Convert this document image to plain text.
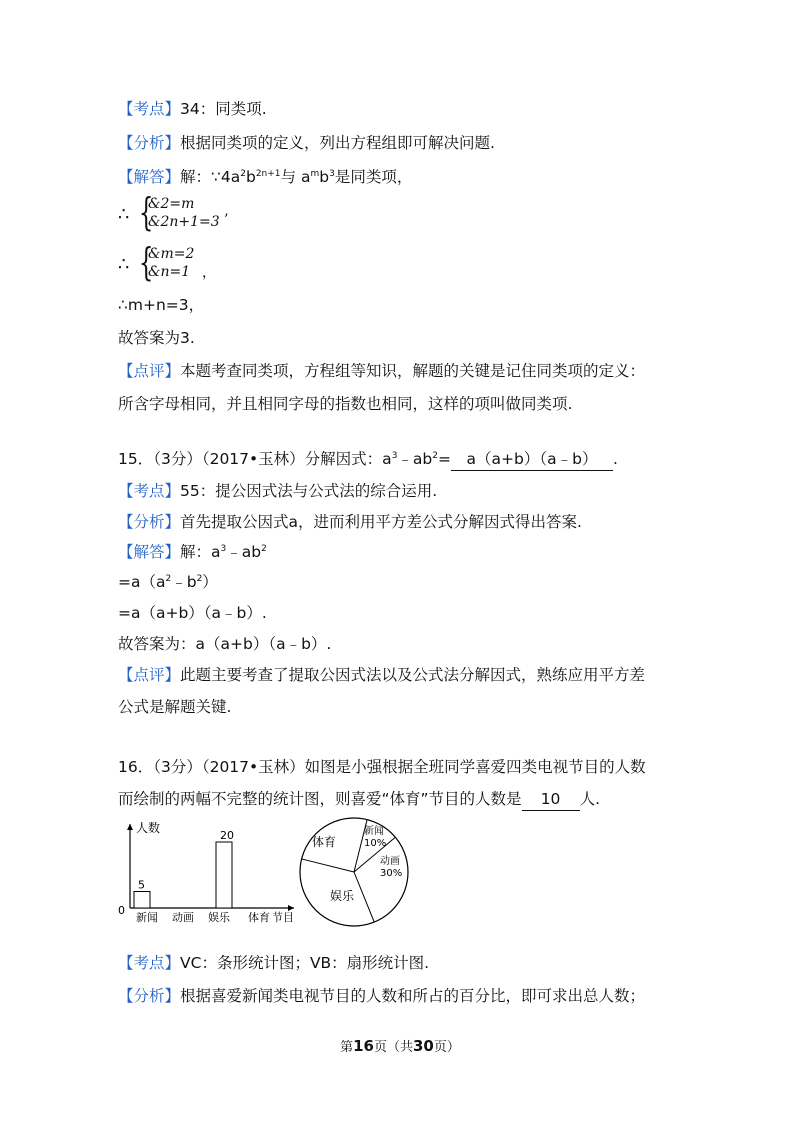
【考点】34：同类项.
【分析】根据同类项的定义，列出方程组即可解决问题.
【解答】解：$\because 4a^2b^{2n+1}$与 $a^mb^3$是同类项，
∴ {
&2=m
&2n+1=3 ’
∴ {
&m=2
&n=1 ，
∴m+n=3，
故答案为3.
【点评】本题考查同类项，方程组等知识，解题的关键是记住同类项的定义：
所含字母相同，并且相同字母的指数也相同，这样的项叫做同类项.
15．（3分）（2017•玉林）分解因式：$a^3﹣ab^2=$ a（a+b）（a﹣b） .
【考点】55：提公因式法与公式法的综合运用.
【分析】首先提取公因式a，进而利用平方差公式分解因式得出答案.
【解答】解：$a^3﹣ab^2$
$=a(a^2﹣b^2)$
=a（a+b）（a﹣b）.
故答案为：a（a+b）（a﹣b）.
【点评】此题主要考查了提取公因式法以及公式法分解因式，熟练应用平方差
公式是解题关键.
16．（3分）（2017•玉林）如图是小强根据全班同学喜爱四类电视节目的人数
而绘制的两幅不完整的统计图，则喜爱“体育”节目的人数是 10 人.
人数
0
节目
新闻
5
动画 娱乐
20
体育
新闻
10%
动画
30%
娱乐
体育
【考点】VC：条形统计图；VB：扇形统计图.
【分析】根据喜爱新闻类电视节目的人数和所占的百分比，即可求出总人数；
第16页（共30页）
